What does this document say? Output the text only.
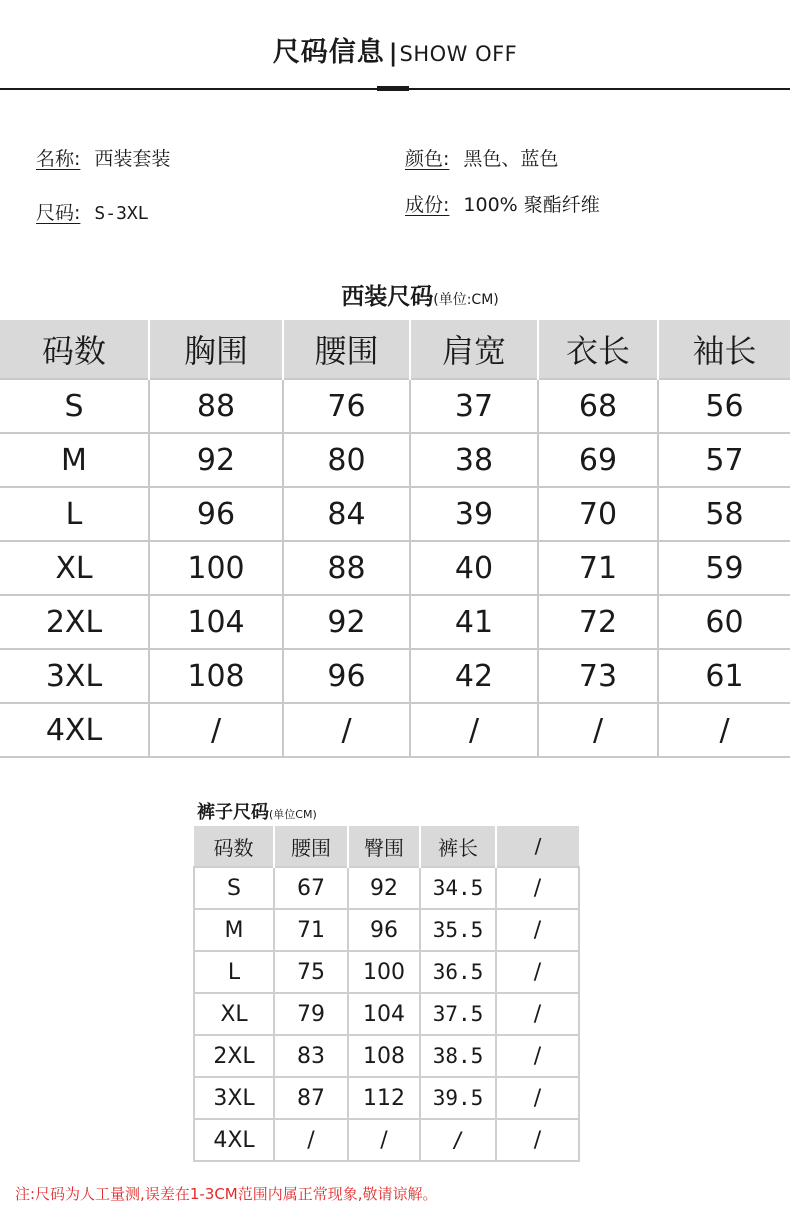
尺码信息 |SHOW OFF
名称: 西装套装
尺码: S-3XL
颜色: 黑色、蓝色
成份: 100% 聚酯纤维
西装尺码(单位:CM)
码数	胸围	腰围	肩宽	衣长	袖长
S	88	76	37	68	56
M	92	80	38	69	57
L	96	84	39	70	58
XL	100	88	40	71	59
2XL	104	92	41	72	60
3XL	108	96	42	73	61
4XL	/	/	/	/	/
裤子尺码(单位CM)
码数	腰围	臀围	裤长	/
S	67	92	34.5	/
M	71	96	35.5	/
L	75	100	36.5	/
XL	79	104	37.5	/
2XL	83	108	38.5	/
3XL	87	112	39.5	/
4XL	/	/	/	/
注:尺码为人工量测,误差在1-3CM范围内属正常现象,敬请谅解。
